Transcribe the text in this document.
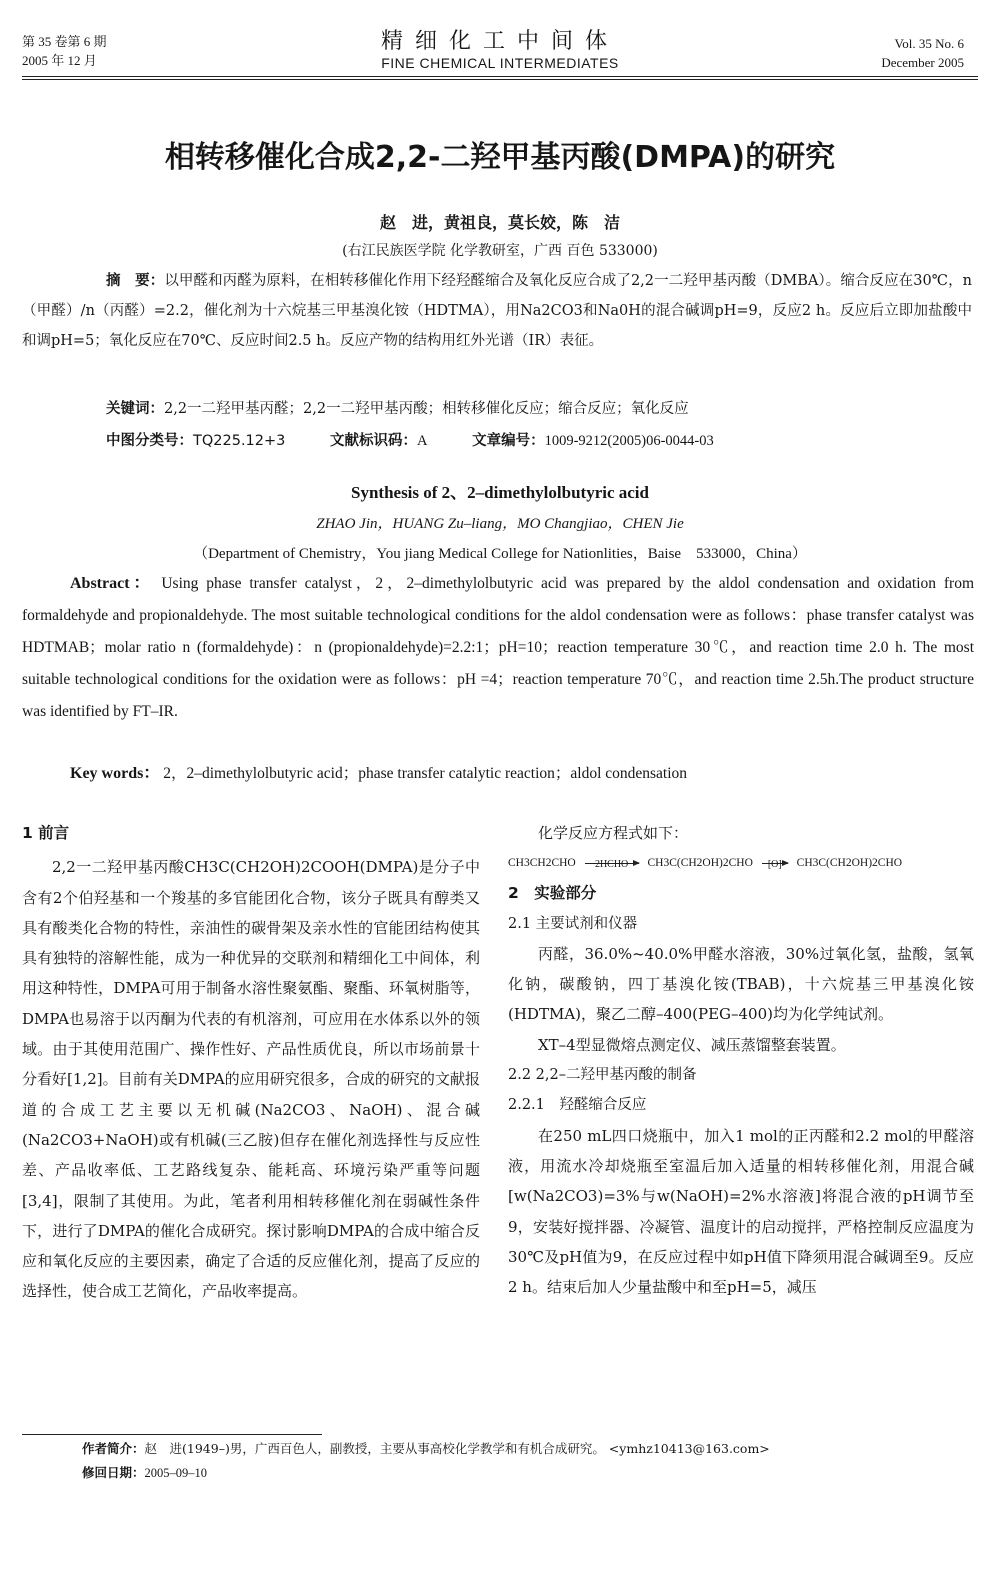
第 35 卷第 6 期
2005 年 12 月
精细化工中间体
FINE CHEMICAL INTERMEDIATES
Vol. 35 No. 6
December 2005
相转移催化合成2,2-二羟甲基丙酸(DMPA)的研究
赵　进，黄祖良，莫长姣，陈　洁
(右江民族医学院 化学教研室，广西 百色 533000)
摘　要：以甲醛和丙醛为原料，在相转移催化作用下经羟醛缩合及氧化反应合成了2,2一二羟甲基丙酸（DMBA）。缩合反应在30℃，n（甲醛）/n（丙醛）=2.2，催化剂为十六烷基三甲基溴化铵（HDTMA），用Na2CO3和Na0H的混合碱调pH=9，反应2 h。反应后立即加盐酸中和调pH=5；氧化反应在70℃、反应时间2.5 h。反应产物的结构用红外光谱（IR）表征。
关键词：2,2一二羟甲基丙醛；2,2一二羟甲基丙酸；相转移催化反应；缩合反应；氧化反应
中图分类号：TQ225.12+3	文献标识码：A	文章编号：1009-9212(2005)06-0044-03
Synthesis of 2、2–dimethylolbutyric acid
ZHAO Jin，HUANG Zu–liang，MO Changjiao，CHEN Jie
（Department of Chemistry，You jiang Medical College for Nationlities，Baise　533000，China）
Abstract： Using phase transfer catalyst，2，2–dimethylolbutyric acid was prepared by the aldol condensation and oxidation from formaldehyde and propionaldehyde. The most suitable technological conditions for the aldol condensation were as follows：phase transfer catalyst was HDTMAB；molar ratio n (formaldehyde)：n (propionaldehyde)=2.2:1；pH=10；reaction temperature 30℃，and reaction time 2.0 h. The most suitable technological conditions for the oxidation were as follows：pH =4；reaction temperature 70℃，and reaction time 2.5h.The product structure was identified by FT–IR.
Key words： 2，2–dimethylolbutyric acid；phase transfer catalytic reaction；aldol condensation
1 前言
2,2一二羟甲基丙酸CH3C(CH2OH)2COOH(DMPA)是分子中含有2个伯羟基和一个羧基的多官能团化合物，该分子既具有醇类又具有酸类化合物的特性，亲油性的碳骨架及亲水性的官能团结构使其具有独特的溶解性能，成为一种优异的交联剂和精细化工中间体，利用这种特性，DMPA可用于制备水溶性聚氨酯、聚酯、环氧树脂等，DMPA也易溶于以丙酮为代表的有机溶剂，可应用在水体系以外的领域。由于其使用范围广、操作性好、产品性质优良，所以市场前景十分看好[1,2]。目前有关DMPA的应用研究很多，合成的研究的文献报道的合成工艺主要以无机碱(Na2CO3、NaOH)、混合碱(Na2CO3+NaOH)或有机碱(三乙胺)但存在催化剂选择性与反应性差、产品收率低、工艺路线复杂、能耗高、环境污染严重等问题[3,4]，限制了其使用。为此，笔者利用相转移催化剂在弱碱性条件下，进行了DMPA的催化合成研究。探讨影响DMPA的合成中缩合反应和氧化反应的主要因素，确定了合适的反应催化剂，提高了反应的选择性，使合成工艺简化，产品收率提高。
化学反应方程式如下：
CH3CH2CHO	2HCHO	CH3C(CH2OH)2CHO	[O]	CH3C(CH2OH)2CHO
2　实验部分
2.1 主要试剂和仪器
丙醛，36.0%~40.0%甲醛水溶液，30%过氧化氢，盐酸，氢氧化钠，碳酸钠，四丁基溴化铵(TBAB)，十六烷基三甲基溴化铵(HDTMA)，聚乙二醇–400(PEG–400)均为化学纯试剂。
XT–4型显微熔点测定仪、减压蒸馏整套装置。
2.2 2,2–二羟甲基丙酸的制备
2.2.1　羟醛缩合反应
在250 mL四口烧瓶中，加入1 mol的正丙醛和2.2 mol的甲醛溶液，用流水冷却烧瓶至室温后加入适量的相转移催化剂，用混合碱[w(Na2CO3)=3%与w(NaOH)=2%水溶液]将混合液的pH调节至9，安装好搅拌器、冷凝管、温度计的启动搅拌，严格控制反应温度为30℃及pH值为9，在反应过程中如pH值下降须用混合碱调至9。反应2 h。结束后加人少量盐酸中和至pH=5，减压
作者简介：赵　进(1949–)男，广西百色人，副教授，主要从事高校化学教学和有机合成研究。 <ymhz10413@163.com>
修回日期：2005–09–10
